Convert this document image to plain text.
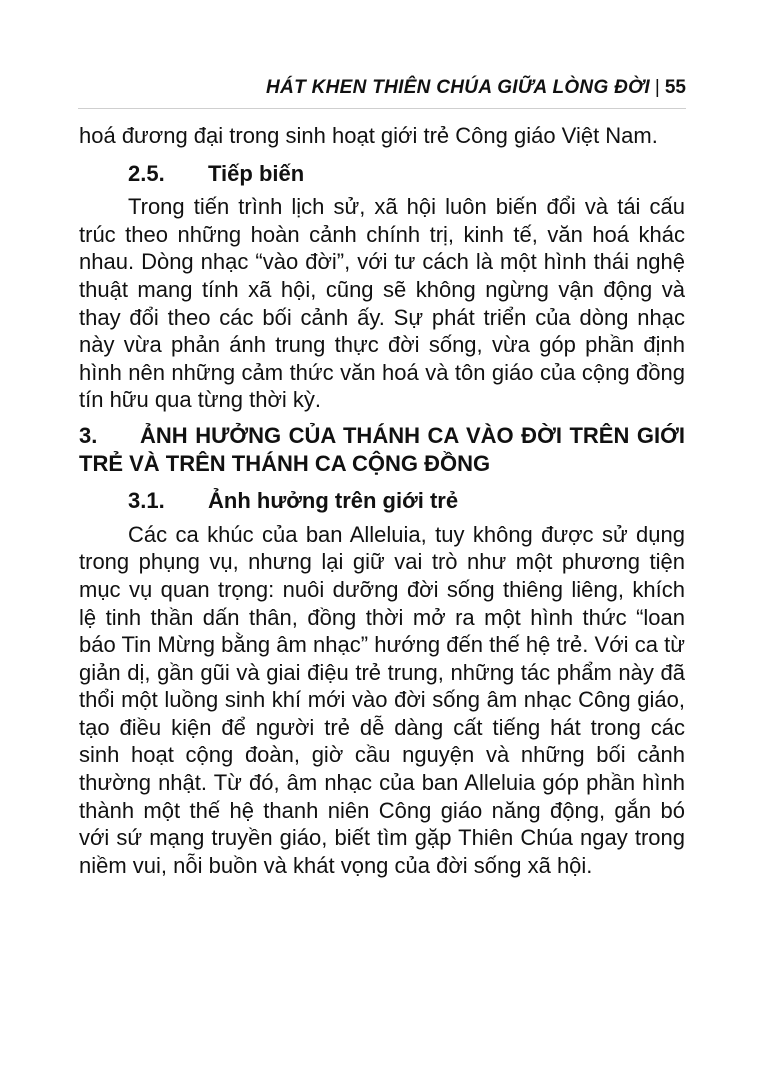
HÁT KHEN THIÊN CHÚA GIỮA LÒNG ĐỜI | 55

hoá đương đại trong sinh hoạt giới trẻ Công giáo Việt Nam.

2.5. Tiếp biến

Trong tiến trình lịch sử, xã hội luôn biến đổi và tái cấu trúc theo những hoàn cảnh chính trị, kinh tế, văn hoá khác nhau. Dòng nhạc “vào đời”, với tư cách là một hình thái nghệ thuật mang tính xã hội, cũng sẽ không ngừng vận động và thay đổi theo các bối cảnh ấy. Sự phát triển của dòng nhạc này vừa phản ánh trung thực đời sống, vừa góp phần định hình nên những cảm thức văn hoá và tôn giáo của cộng đồng tín hữu qua từng thời kỳ.

3. ẢNH HƯỞNG CỦA THÁNH CA VÀO ĐỜI TRÊN GIỚI TRẺ VÀ TRÊN THÁNH CA CỘNG ĐỒNG
3.1. Ảnh hưởng trên giới trẻ

Các ca khúc của ban Alleluia, tuy không được sử dụng trong phụng vụ, nhưng lại giữ vai trò như một phương tiện mục vụ quan trọng: nuôi dưỡng đời sống thiêng liêng, khích lệ tinh thần dấn thân, đồng thời mở ra một hình thức “loan báo Tin Mừng bằng âm nhạc” hướng đến thế hệ trẻ. Với ca từ giản dị, gần gũi và giai điệu trẻ trung, những tác phẩm này đã thổi một luồng sinh khí mới vào đời sống âm nhạc Công giáo, tạo điều kiện để người trẻ dễ dàng cất tiếng hát trong các sinh hoạt cộng đoàn, giờ cầu nguyện và những bối cảnh thường nhật. Từ đó, âm nhạc của ban Alleluia góp phần hình thành một thế hệ thanh niên Công giáo năng động, gắn bó với sứ mạng truyền giáo, biết tìm gặp Thiên Chúa ngay trong niềm vui, nỗi buồn và khát vọng của đời sống xã hội.
